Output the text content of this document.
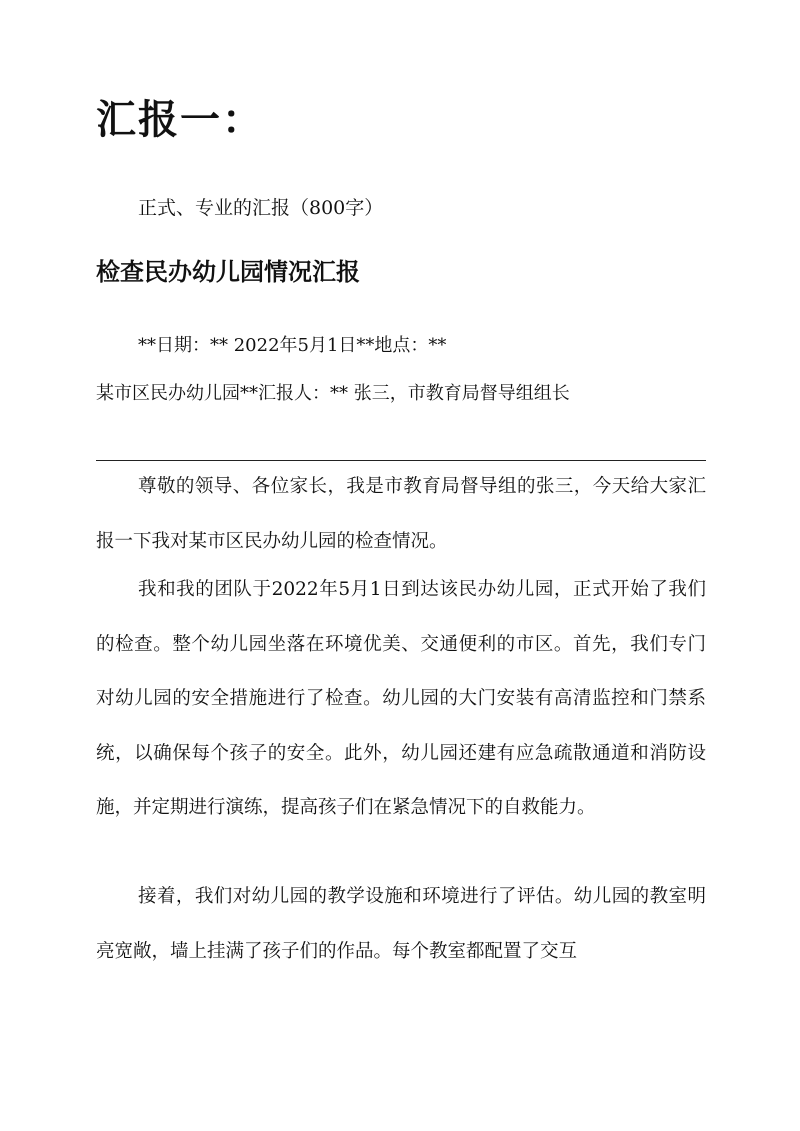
汇报一：
正式、专业的汇报（800字）
检查民办幼儿园情况汇报
**日期：** 2022年5月1日**地点：**
某市区民办幼儿园**汇报人：** 张三，市教育局督导组组长

尊敬的领导、各位家长，我是市教育局督导组的张三，今天给大家汇报一下我对某市区民办幼儿园的检查情况。

我和我的团队于2022年5月1日到达该民办幼儿园，正式开始了我们的检查。整个幼儿园坐落在环境优美、交通便利的市区。首先，我们专门对幼儿园的安全措施进行了检查。幼儿园的大门安装有高清监控和门禁系统，以确保每个孩子的安全。此外，幼儿园还建有应急疏散通道和消防设施，并定期进行演练，提高孩子们在紧急情况下的自救能力。

接着，我们对幼儿园的教学设施和环境进行了评估。幼儿园的教室明亮宽敞，墙上挂满了孩子们的作品。每个教室都配置了交互
